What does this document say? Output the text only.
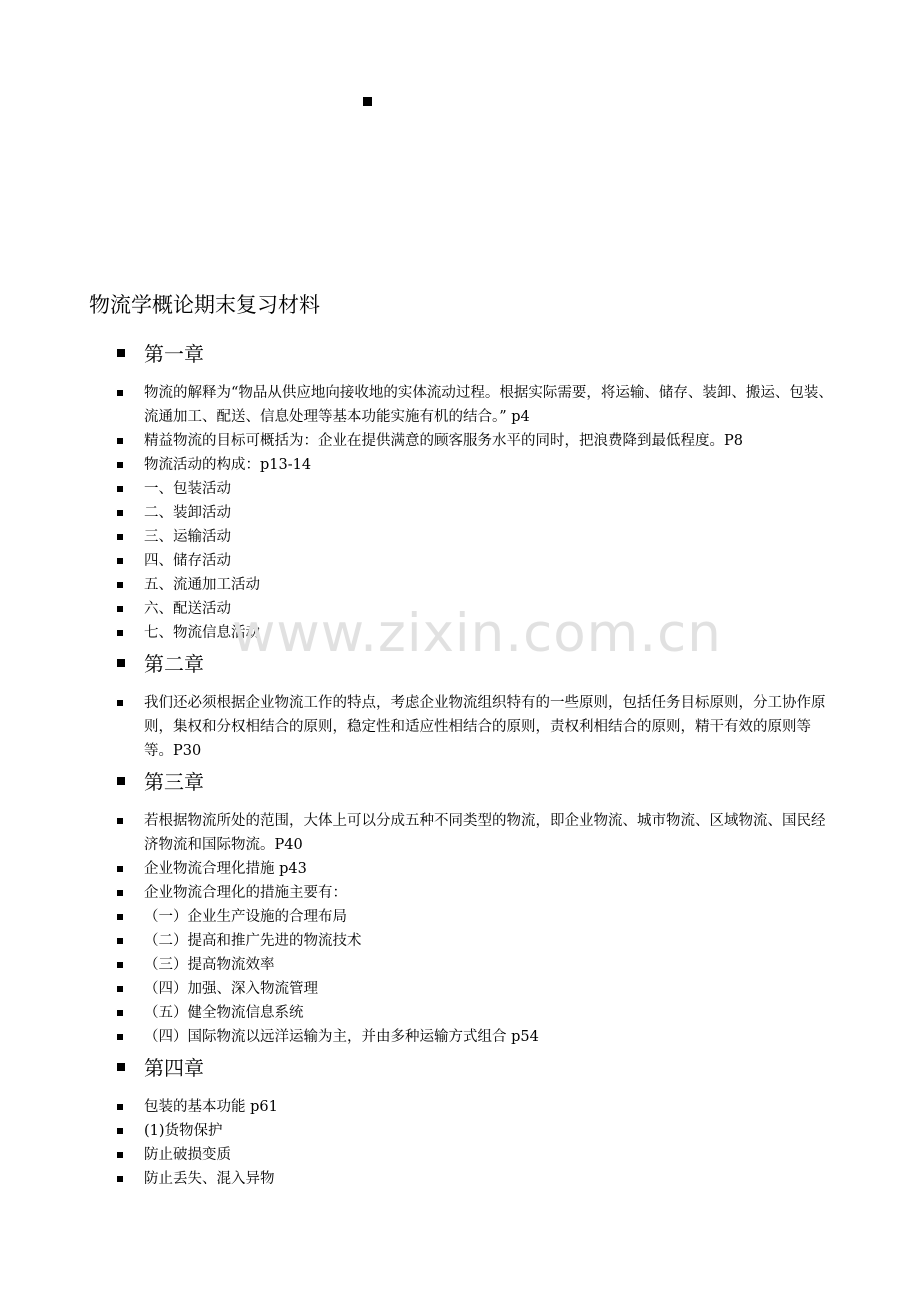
物流学概论期末复习材料
第一章
物流的解释为“物品从供应地向接收地的实体流动过程。根据实际需要，将运输、储存、装卸、搬运、包装、流通加工、配送、信息处理等基本功能实施有机的结合。” p4
精益物流的目标可概括为：企业在提供满意的顾客服务水平的同时，把浪费降到最低程度。P8
物流活动的构成：p13-14
一、包装活动
二、装卸活动
三、运输活动
四、储存活动
五、流通加工活动
六、配送活动
七、物流信息活动
第二章
我们还必须根据企业物流工作的特点，考虑企业物流组织特有的一些原则，包括任务目标原则，分工协作原则，集权和分权相结合的原则，稳定性和适应性相结合的原则，责权利相结合的原则，精干有效的原则等等。P30
第三章
若根据物流所处的范围，大体上可以分成五种不同类型的物流，即企业物流、城市物流、区域物流、国民经济物流和国际物流。P40
企业物流合理化措施 p43
企业物流合理化的措施主要有：
（一）企业生产设施的合理布局
（二）提高和推广先进的物流技术
（三）提高物流效率
（四）加强、深入物流管理
（五）健全物流信息系统
（四）国际物流以远洋运输为主，并由多种运输方式组合 p54
第四章
包装的基本功能 p61
(1)货物保护
防止破损变质
防止丢失、混入异物
www.zixin.com.cn
